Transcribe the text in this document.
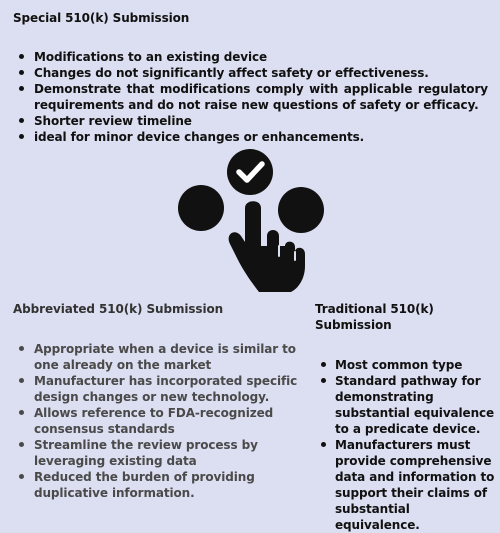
Special 510(k) Submission
Modifications to an existing device
Changes do not significantly affect safety or effectiveness.
Demonstrate that modifications comply with applicable regulatory requirements and do not raise new questions of safety or efficacy.
Shorter review timeline
ideal for minor device changes or enhancements.
Abbreviated 510(k) Submission
Appropriate when a device is similar to one already on the market
Manufacturer has incorporated specific design changes or new technology.
Allows reference to FDA-recognized consensus standards
Streamline the review process by leveraging existing data
Reduced the burden of providing duplicative information.
Traditional 510(k) Submission
Most common type
Standard pathway for demonstrating substantial equivalence to a predicate device.
Manufacturers must provide comprehensive data and information to support their claims of substantial equivalence.
